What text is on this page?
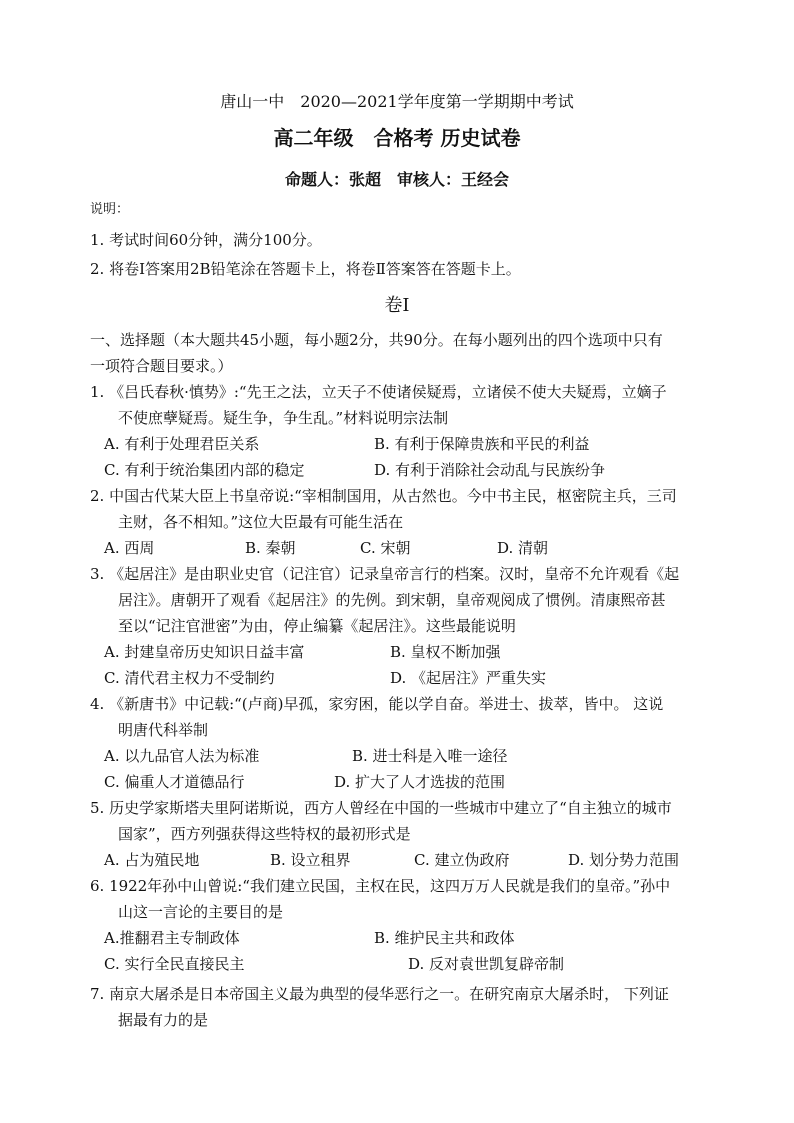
唐山一中　2020—2021学年度第一学期期中考试
高二年级　合格考 历史试卷
命题人：张超　审核人：王经会
说明：
1. 考试时间60分钟，满分100分。
2. 将卷Ⅰ答案用2B铅笔涂在答题卡上，将卷Ⅱ答案答在答题卡上。
卷Ⅰ
一、选择题（本大题共45小题，每小题2分，共90分。在每小题列出的四个选项中只有
一项符合题目要求。）
1. 《吕氏春秋·慎势》:“先王之法，立天子不使诸侯疑焉，立诸侯不使大夫疑焉，立嫡子
不使庶孽疑焉。疑生争，争生乱。”材料说明宗法制
A. 有利于处理君臣关系	B. 有利于保障贵族和平民的利益
C. 有利于统治集团内部的稳定	D. 有利于消除社会动乱与民族纷争
2. 中国古代某大臣上书皇帝说:“宰相制国用，从古然也。今中书主民，枢密院主兵，三司
主财，各不相知。”这位大臣最有可能生活在
A. 西周	B. 秦朝	C. 宋朝	D. 清朝
3. 《起居注》是由职业史官（记注官）记录皇帝言行的档案。汉时，皇帝不允许观看《起
居注》。唐朝开了观看《起居注》的先例。到宋朝，皇帝观阅成了惯例。清康熙帝甚
至以“记注官泄密”为由，停止编纂《起居注》。这些最能说明
A. 封建皇帝历史知识日益丰富	B. 皇权不断加强
C. 清代君主权力不受制约	D. 《起居注》严重失实
4. 《新唐书》中记载:“(卢商)早孤，家穷困，能以学自奋。举进士、拔萃，皆中。 这说
明唐代科举制
A. 以九品官人法为标准	B. 进士科是入唯一途径
C. 偏重人才道德品行	D. 扩大了人才选拔的范围
5. 历史学家斯塔夫里阿诺斯说，西方人曾经在中国的一些城市中建立了“自主独立的城市
国家”，西方列强获得这些特权的最初形式是
A. 占为殖民地	B. 设立租界	C. 建立伪政府	D. 划分势力范围
6. 1922年孙中山曾说:“我们建立民国，主权在民，这四万万人民就是我们的皇帝。”孙中
山这一言论的主要目的是
A.推翻君主专制政体	B. 维护民主共和政体
C. 实行全民直接民主	D. 反对袁世凯复辟帝制
7. 南京大屠杀是日本帝国主义最为典型的侵华恶行之一。在研究南京大屠杀时， 下列证
据最有力的是
